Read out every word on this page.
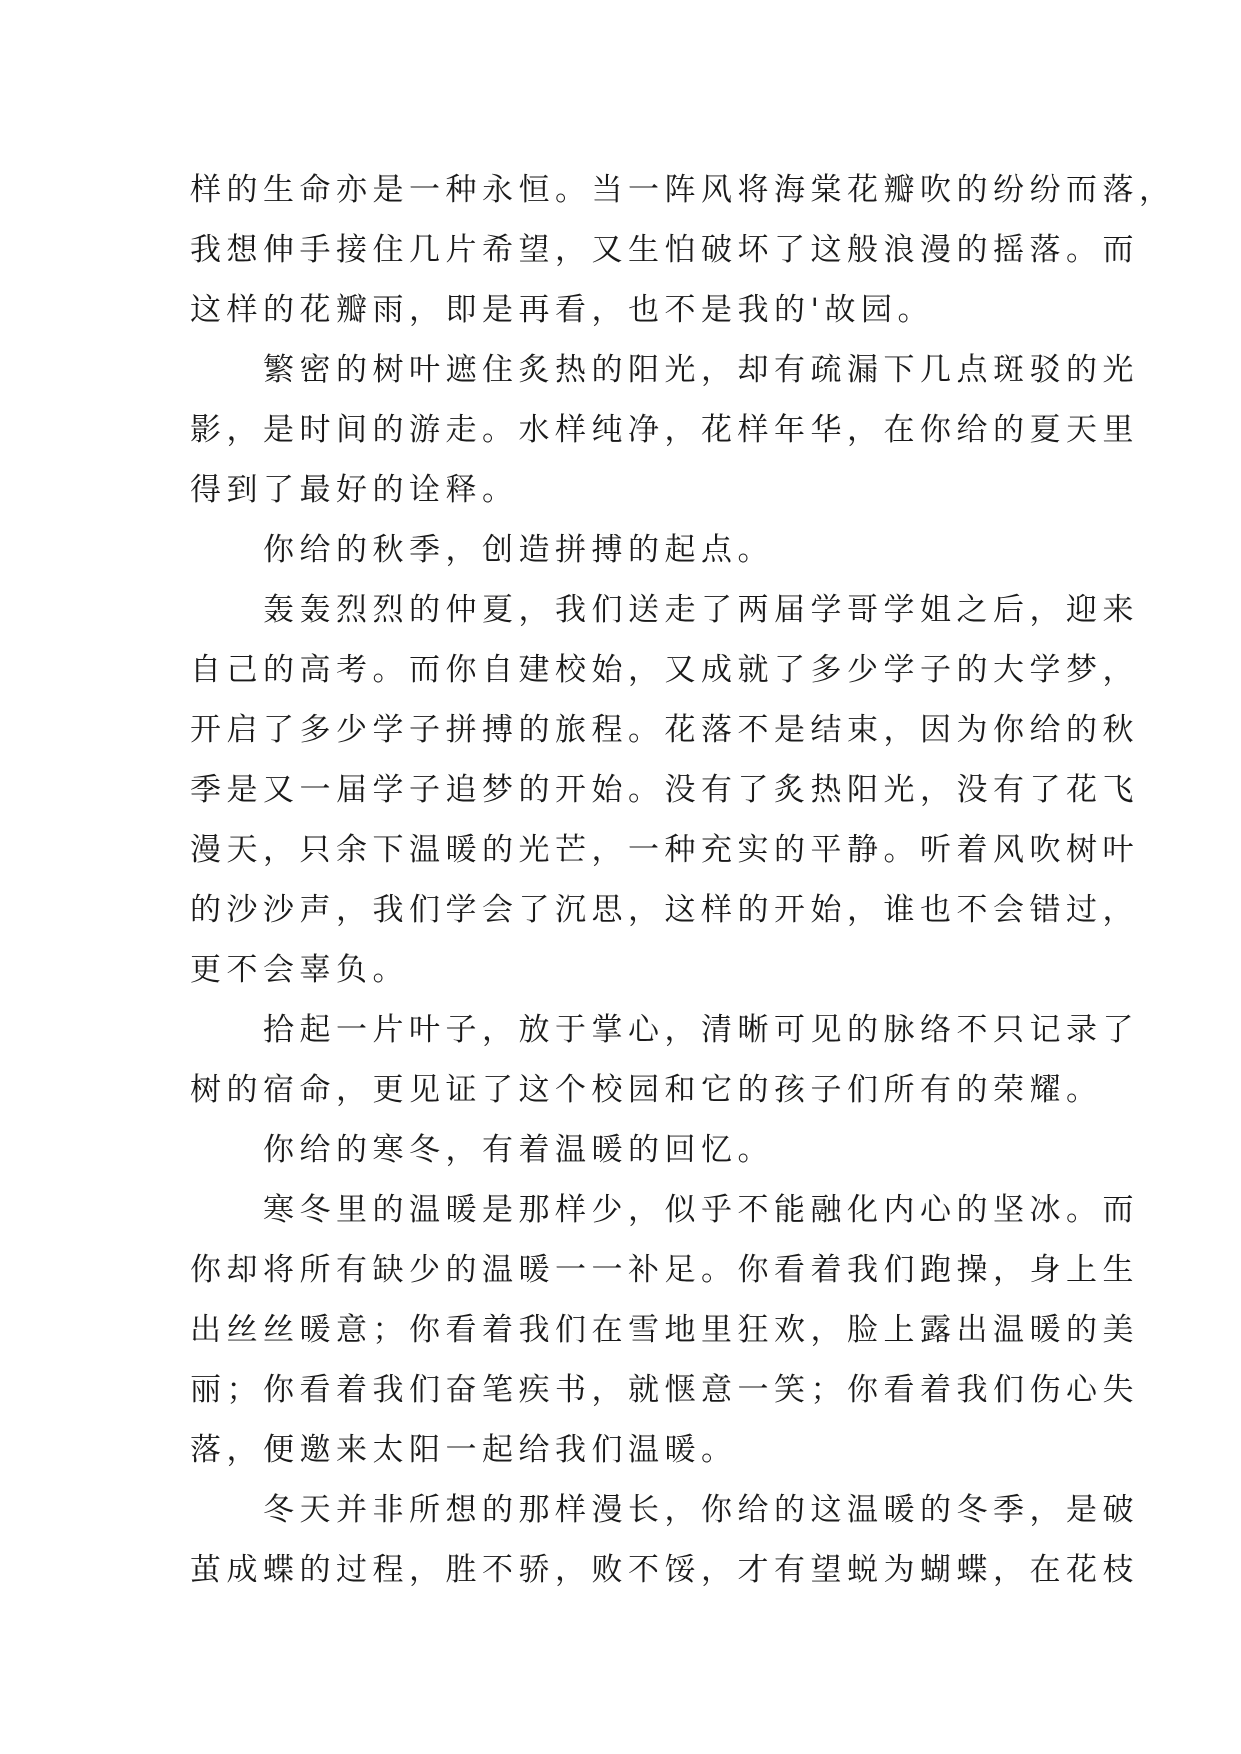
样的生命亦是一种永恒。当一阵风将海棠花瓣吹的纷纷而落，
我想伸手接住几片希望，又生怕破坏了这般浪漫的摇落。而
这样的花瓣雨，即是再看，也不是我的'故园。
　　繁密的树叶遮住炙热的阳光，却有疏漏下几点斑驳的光
影，是时间的游走。水样纯净，花样年华，在你给的夏天里
得到了最好的诠释。
　　你给的秋季，创造拼搏的起点。
　　轰轰烈烈的仲夏，我们送走了两届学哥学姐之后，迎来
自己的高考。而你自建校始，又成就了多少学子的大学梦，
开启了多少学子拼搏的旅程。花落不是结束，因为你给的秋
季是又一届学子追梦的开始。没有了炙热阳光，没有了花飞
漫天，只余下温暖的光芒，一种充实的平静。听着风吹树叶
的沙沙声，我们学会了沉思，这样的开始，谁也不会错过，
更不会辜负。
　　拾起一片叶子，放于掌心，清晰可见的脉络不只记录了
树的宿命，更见证了这个校园和它的孩子们所有的荣耀。
　　你给的寒冬，有着温暖的回忆。
　　寒冬里的温暖是那样少，似乎不能融化内心的坚冰。而
你却将所有缺少的温暖一一补足。你看着我们跑操，身上生
出丝丝暖意；你看着我们在雪地里狂欢，脸上露出温暖的美
丽；你看着我们奋笔疾书，就惬意一笑；你看着我们伤心失
落，便邀来太阳一起给我们温暖。
　　冬天并非所想的那样漫长，你给的这温暖的冬季，是破
茧成蝶的过程，胜不骄，败不馁，才有望蜕为蝴蝶，在花枝
